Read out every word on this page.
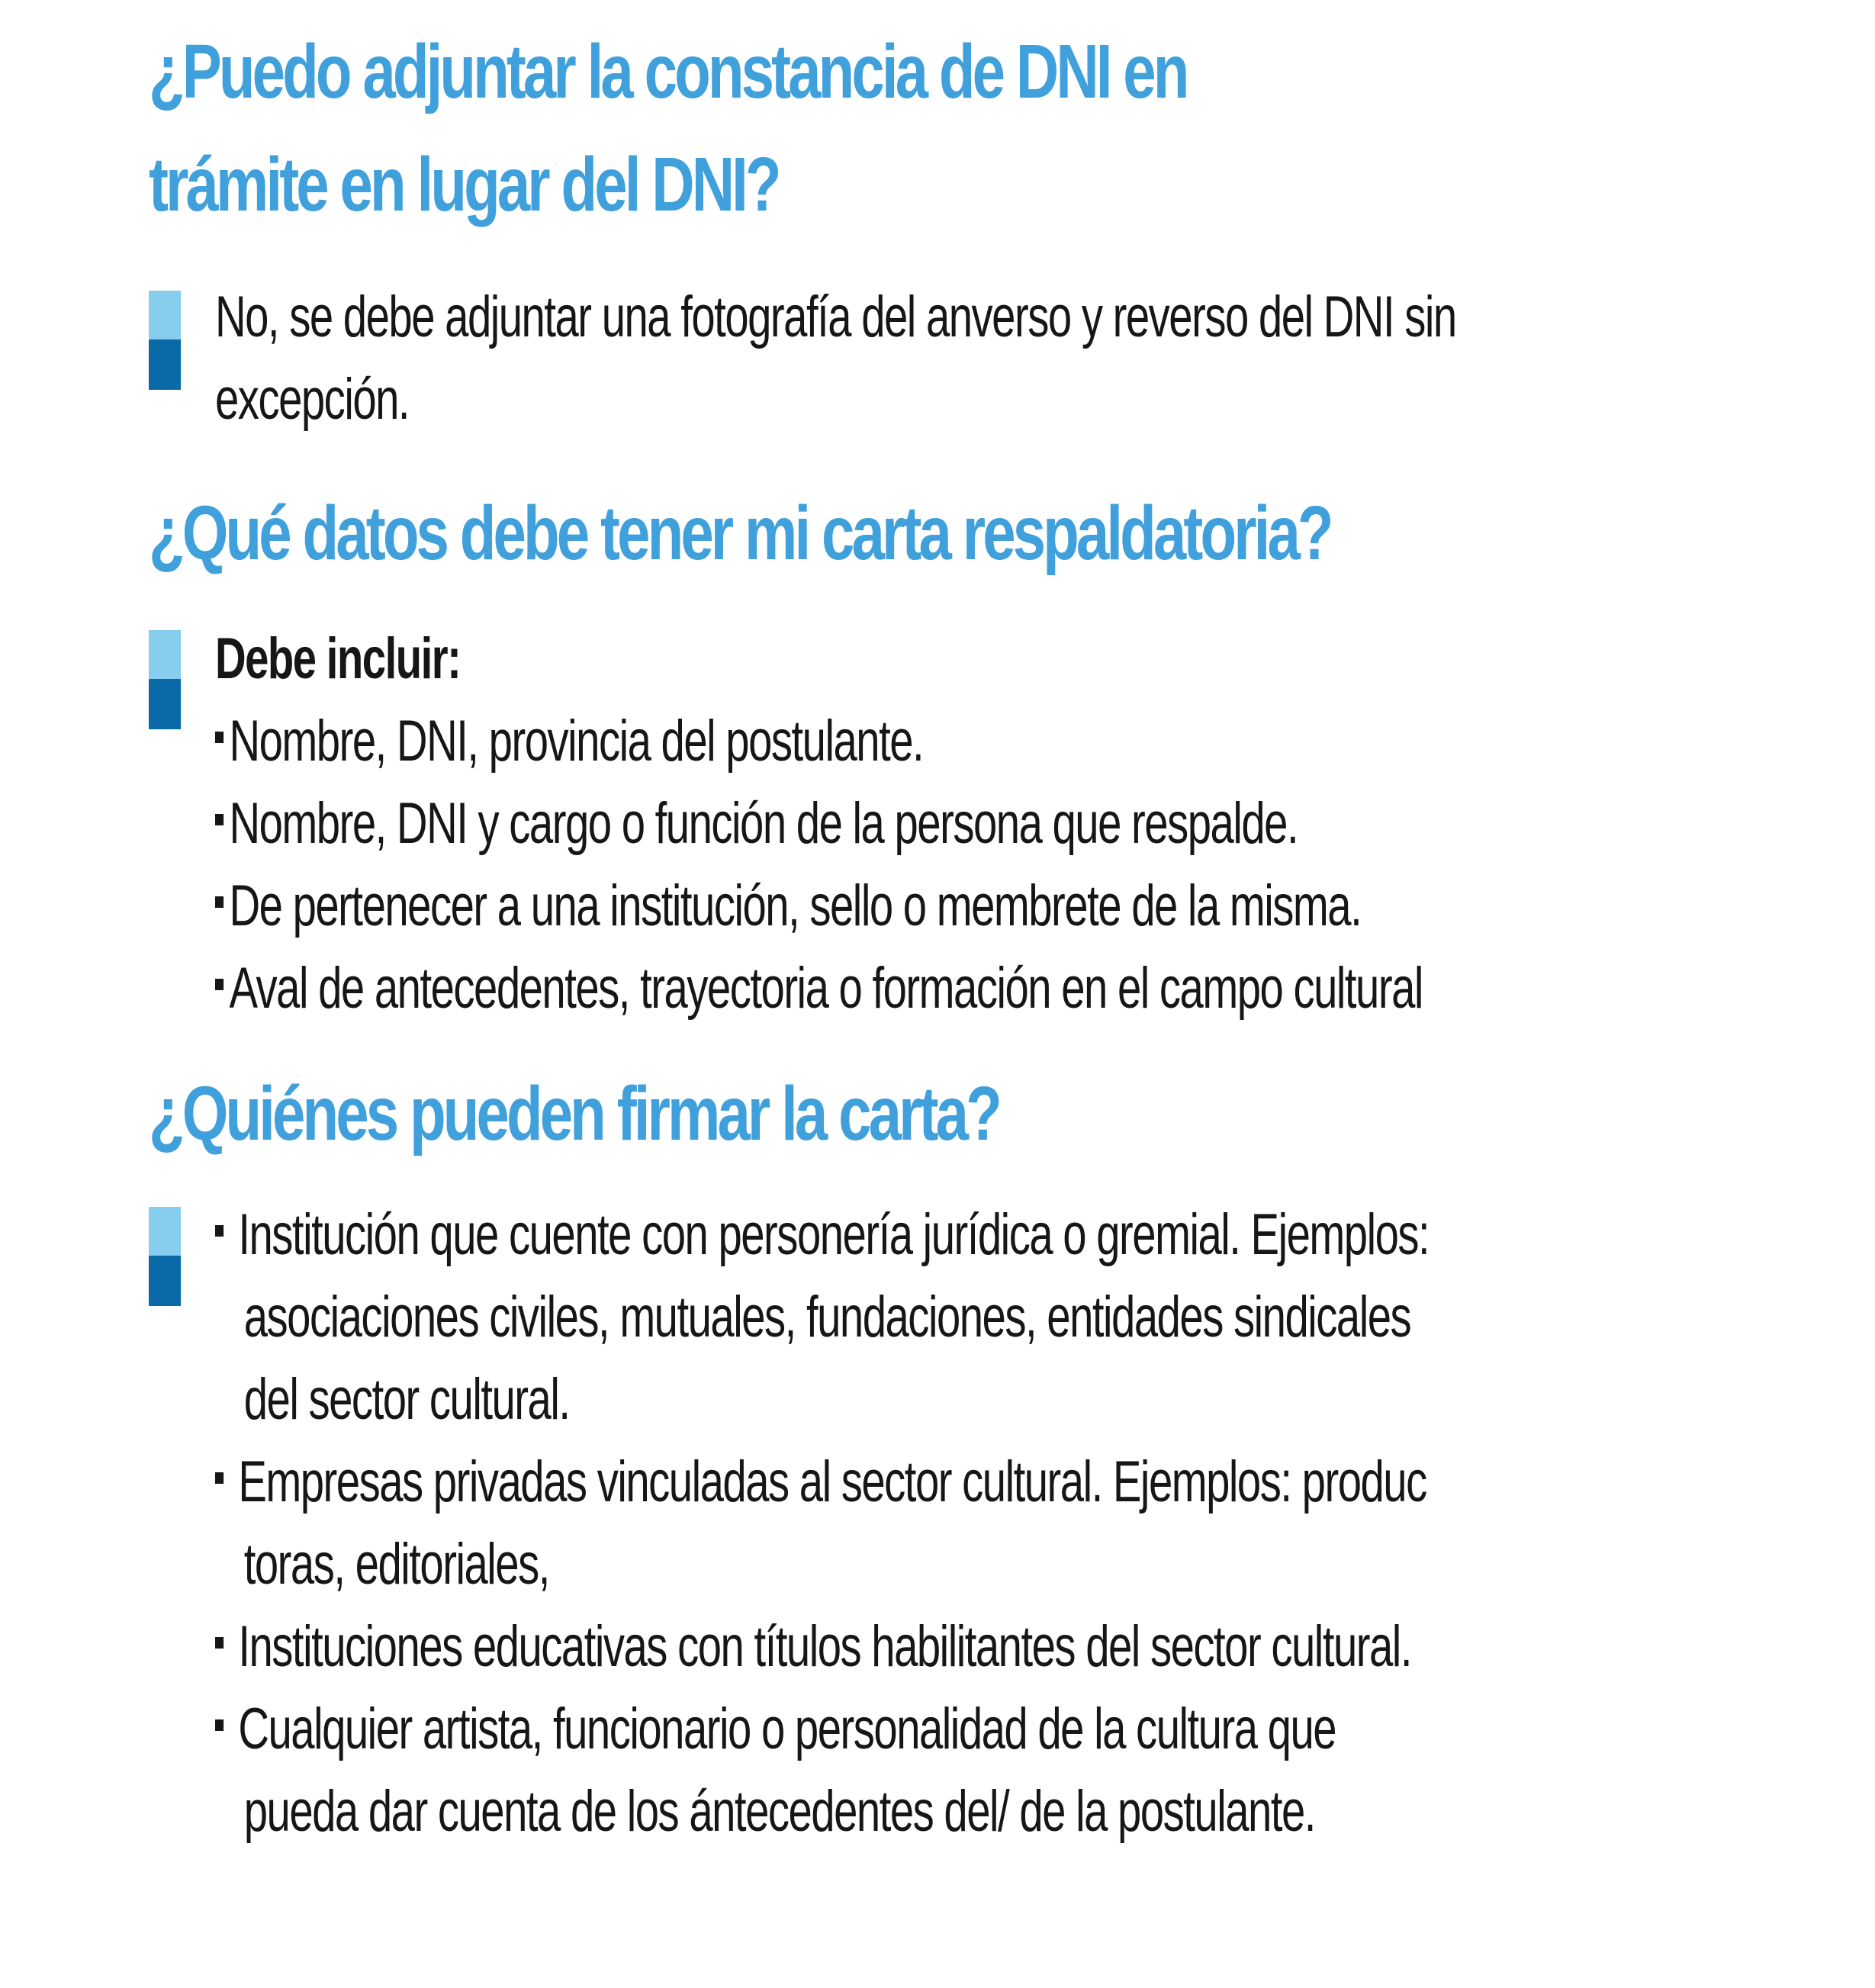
¿Puedo adjuntar la constancia de DNI en
trámite en lugar del DNI?
No, se debe adjuntar una fotografía del anverso y reverso del DNI sin
excepción.
¿Qué datos debe tener mi carta respaldatoria?
Debe incluir:
Nombre, DNI, provincia del postulante.
Nombre, DNI y cargo o función de la persona que respalde.
De pertenecer a una institución, sello o membrete de la misma.
Aval de antecedentes, trayectoria o formación en el campo cultural
¿Quiénes pueden firmar la carta?
Institución que cuente con personería jurídica o gremial. Ejemplos:
asociaciones civiles, mutuales, fundaciones, entidades sindicales
del sector cultural.
Empresas privadas vinculadas al sector cultural. Ejemplos: produc
toras, editoriales,
Instituciones educativas con títulos habilitantes del sector cultural.
Cualquier artista, funcionario o personalidad de la cultura que
pueda dar cuenta de los ántecedentes del/ de la postulante.
